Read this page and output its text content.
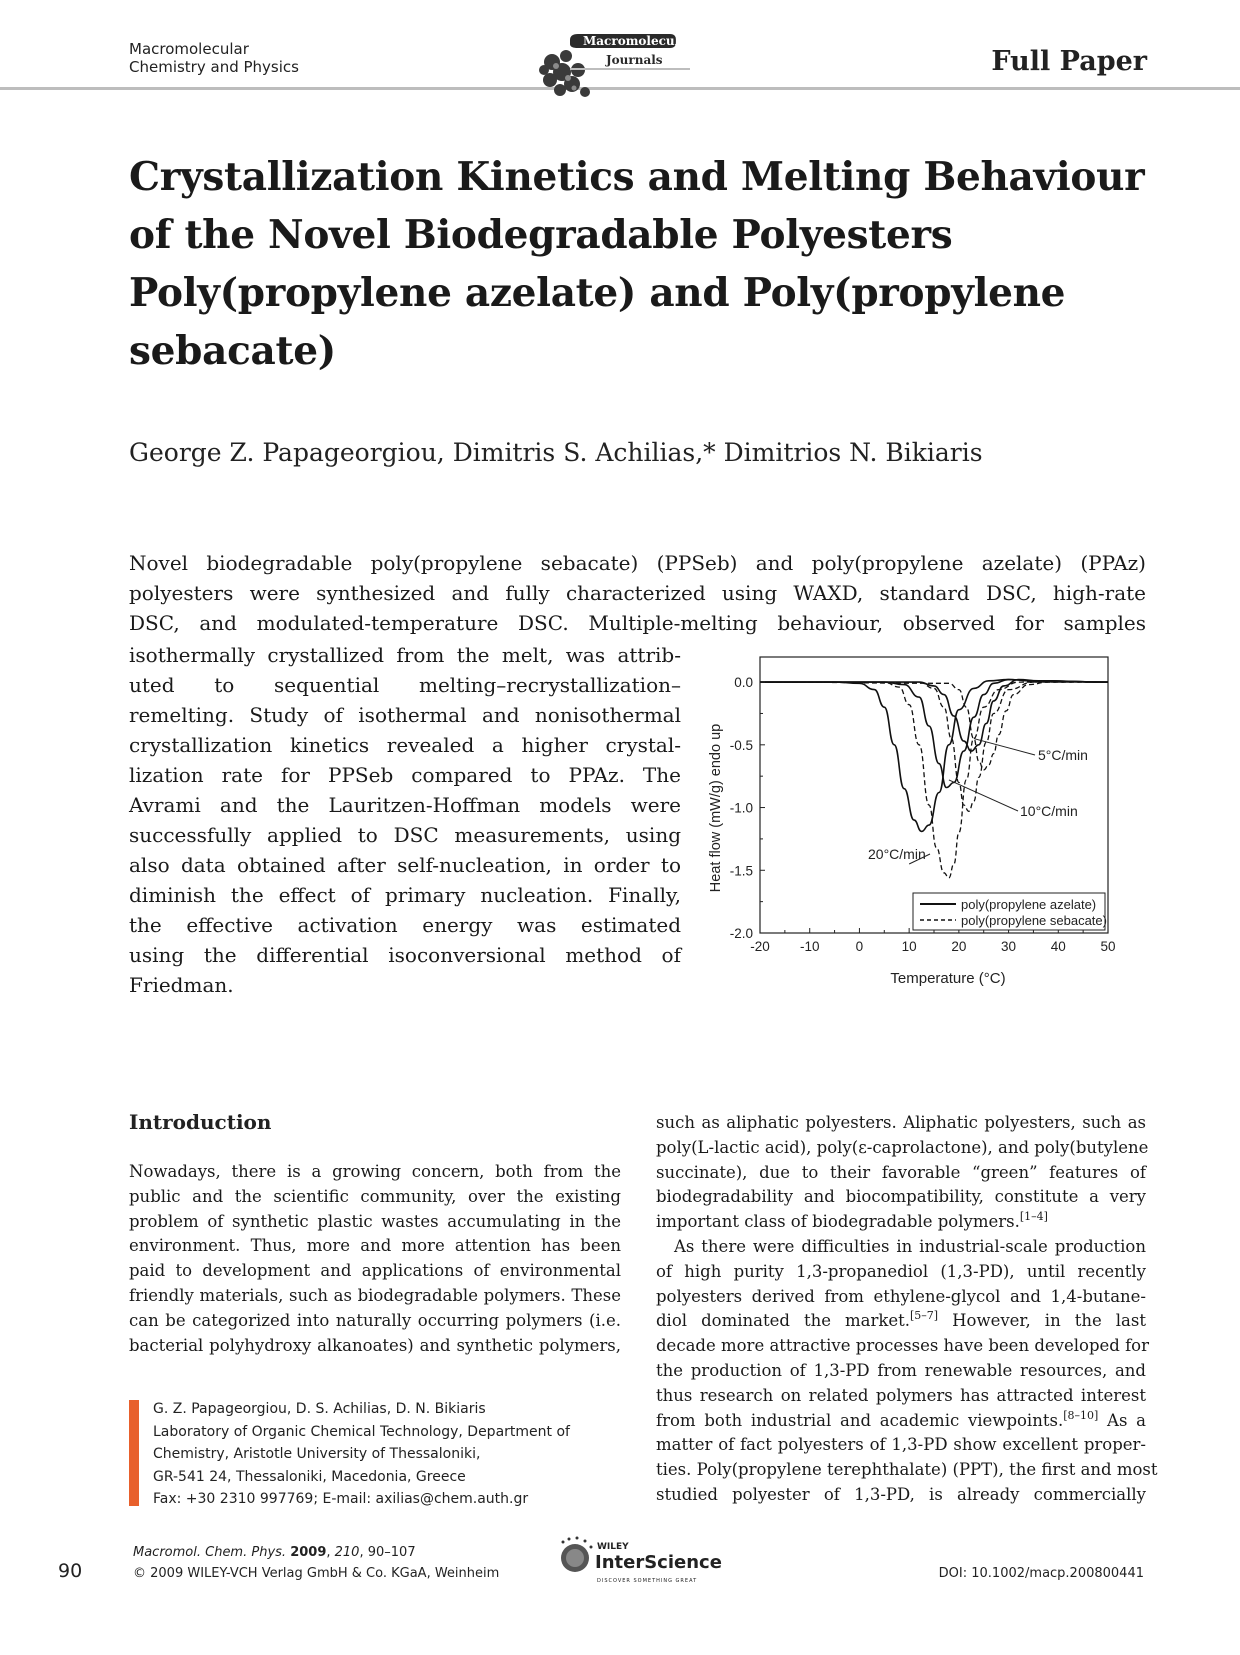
Macromolecular
Chemistry and Physics
Macromolecular
Journals	Full Paper
Crystallization Kinetics and Melting Behaviour
of the Novel Biodegradable Polyesters
Poly(propylene azelate) and Poly(propylene
sebacate)
George Z. Papageorgiou, Dimitris S. Achilias,* Dimitrios N. Bikiaris
Novel biodegradable poly(propylene sebacate) (PPSeb) and poly(propylene azelate) (PPAz)
polyesters were synthesized and fully characterized using WAXD, standard DSC, high-rate
DSC, and modulated-temperature DSC. Multiple-melting behaviour, observed for samples
isothermally crystallized from the melt, was attrib-
uted to sequential melting–recrystallization–
remelting. Study of isothermal and nonisothermal
crystallization kinetics revealed a higher crystal-
lization rate for PPSeb compared to PPAz. The
Avrami and the Lauritzen-Hoffman models were
successfully applied to DSC measurements, using
also data obtained after self-nucleation, in order to
diminish the effect of primary nucleation. Finally,
the effective activation energy was estimated
using the differential isoconversional method of
Friedman.
-20 -10	0	10	20	30	40	50
0.0
-0.5
-1.0
-1.5
-2.0
Temperature (°C)
Heat flow (mW/g) endo up	5°C/min
10°C/min
20°C/min
poly(propylene azelate)
poly(propylene sebacate)
Introduction
Nowadays, there is a growing concern, both from the
public and the scientific community, over the existing
problem of synthetic plastic wastes accumulating in the
environment. Thus, more and more attention has been
paid to development and applications of environmental
friendly materials, such as biodegradable polymers. These
can be categorized into naturally occurring polymers (i.e.
bacterial polyhydroxy alkanoates) and synthetic polymers,
such as aliphatic polyesters. Aliphatic polyesters, such as
poly(L-lactic acid), poly(ε-caprolactone), and poly(butylene
succinate), due to their favorable “green” features of
biodegradability and biocompatibility, constitute a very
important class of biodegradable polymers.[1–4]
As there were difficulties in industrial-scale production
of high purity 1,3-propanediol (1,3-PD), until recently
polyesters derived from ethylene-glycol and 1,4-butane-
diol dominated the market.[5–7] However, in the last
decade more attractive processes have been developed for
the production of 1,3-PD from renewable resources, and
thus research on related polymers has attracted interest
from both industrial and academic viewpoints.[8–10] As a
matter of fact polyesters of 1,3-PD show excellent proper-
ties. Poly(propylene terephthalate) (PPT), the first and most
studied polyester of 1,3-PD, is already commercially
G. Z. Papageorgiou, D. S. Achilias, D. N. Bikiaris
Laboratory of Organic Chemical Technology, Department of
Chemistry, Aristotle University of Thessaloniki,
GR-541 24, Thessaloniki, Macedonia, Greece
Fax: +30 2310 997769; E-mail: axilias@chem.auth.gr
90
Macromol. Chem. Phys. 2009, 210, 90–107
© 2009 WILEY-VCH Verlag GmbH & Co. KGaA, Weinheim
WILEY
InterScience
DISCOVER SOMETHING GREAT	DOI: 10.1002/macp.200800441
